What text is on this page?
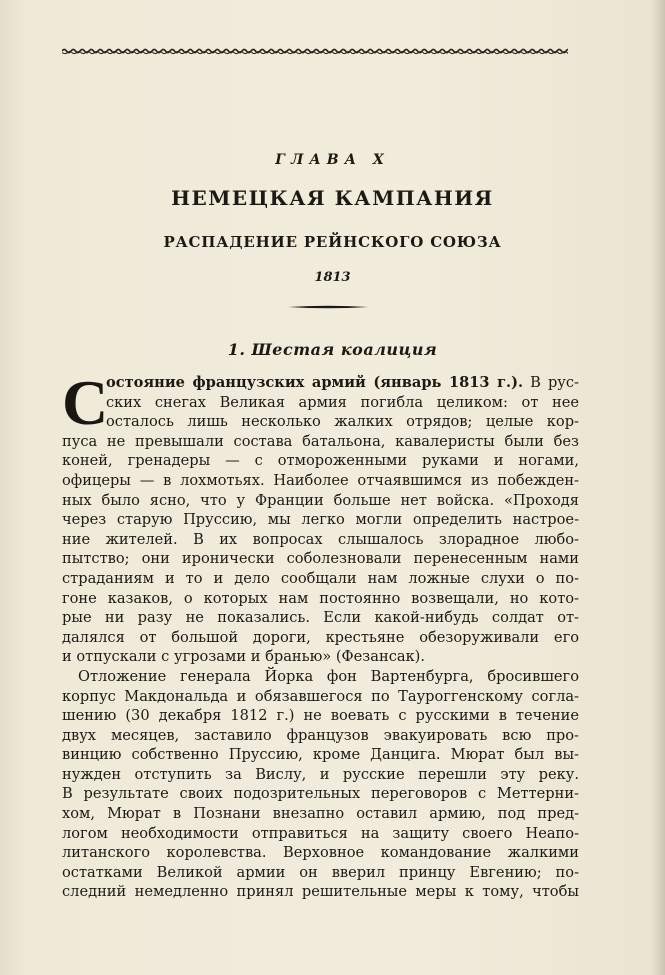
ГЛАВА X
НЕМЕЦКАЯ КАМПАНИЯ
РАСПАДЕНИЕ РЕЙНСКОГО СОЮЗА
1813
1. Шестая коалиция
С
остояние французских армий (январь 1813 г.). В рус-
ских снегах Великая армия погибла целиком: от нее
осталось лишь несколько жалких отрядов; целые кор-
пуса не превышали состава батальона, кавалеристы были без
коней, гренадеры — с отмороженными руками и ногами,
офицеры — в лохмотьях. Наиболее отчаявшимся из побежден-
ных было ясно, что у Франции больше нет войска. «Проходя
через старую Пруссию, мы легко могли определить настрое-
ние жителей. В их вопросах слышалось злорадное любо-
пытство; они иронически соболезновали перенесенным нами
страданиям и то и дело сообщали нам ложные слухи о по-
гоне казаков, о которых нам постоянно возвещали, но кото-
рые ни разу не показались. Если какой-нибудь солдат от-
далялся от большой дороги, крестьяне обезоруживали его
и отпускали с угрозами и бранью» (Фезансак).
Отложение генерала Йорка фон Вартенбурга, бросившего
корпус Макдональда и обязавшегося по Тауроггенскому согла-
шению (30 декабря 1812 г.) не воевать с русскими в течение
двух месяцев, заставило французов эвакуировать всю про-
винцию собственно Пруссию, кроме Данцига. Мюрат был вы-
нужден отступить за Вислу, и русские перешли эту реку.
В результате своих подозрительных переговоров с Меттерни-
хом, Мюрат в Познани внезапно оставил армию, под пред-
логом необходимости отправиться на защиту своего Неапо-
литанского королевства. Верховное командование жалкими
остатками Великой армии он вверил принцу Евгению; по-
следний немедленно принял решительные меры к тому, чтобы
